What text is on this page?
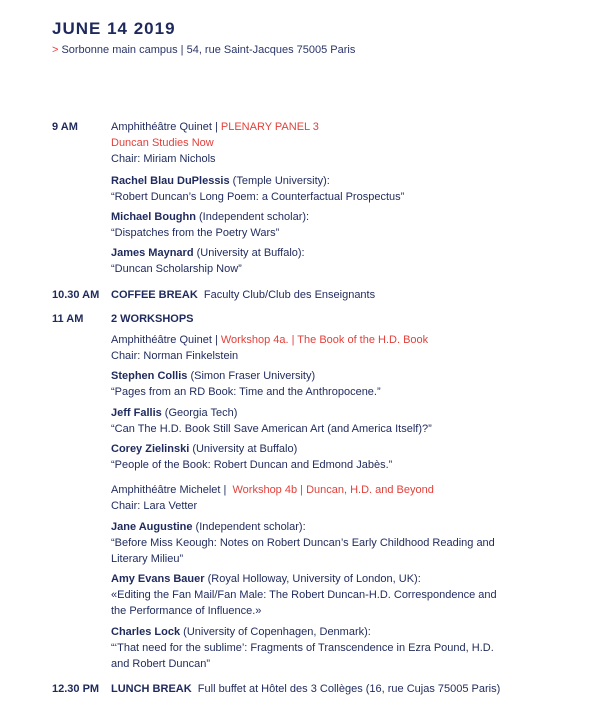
JUNE 14 2019
> Sorbonne main campus | 54, rue Saint-Jacques 75005 Paris
9 AM	Amphithéâtre Quinet | PLENARY PANEL 3
Duncan Studies Now
Chair: Miriam Nichols
Rachel Blau DuPlessis (Temple University):
“Robert Duncan’s Long Poem: a Counterfactual Prospectus”
Michael Boughn (Independent scholar):
“Dispatches from the Poetry Wars”
James Maynard (University at Buffalo):
“Duncan Scholarship Now”
10.30 AM COFFEE BREAK Faculty Club/Club des Enseignants
11 AM	2 WORKSHOPS
Amphithéâtre Quinet | Workshop 4a. | The Book of the H.D. Book
Chair: Norman Finkelstein
Stephen Collis (Simon Fraser University)
“Pages from an RD Book: Time and the Anthropocene.”
Jeff Fallis (Georgia Tech)
“Can The H.D. Book Still Save American Art (and America Itself)?”
Corey Zielinski (University at Buffalo)
“People of the Book: Robert Duncan and Edmond Jabès.”
Amphithéâtre Michelet | Workshop 4b | Duncan, H.D. and Beyond
Chair: Lara Vetter
Jane Augustine (Independent scholar):
“Before Miss Keough: Notes on Robert Duncan’s Early Childhood Reading and
Literary Milieu”
Amy Evans Bauer (Royal Holloway, University of London, UK):
«Editing the Fan Mail/Fan Male: The Robert Duncan-H.D. Correspondence and
the Performance of Influence.»
Charles Lock (University of Copenhagen, Denmark):
“‘That need for the sublime’: Fragments of Transcendence in Ezra Pound, H.D.
and Robert Duncan”
12.30 PM LUNCH BREAK Full buffet at Hôtel des 3 Collèges (16, rue Cujas 75005 Paris)
